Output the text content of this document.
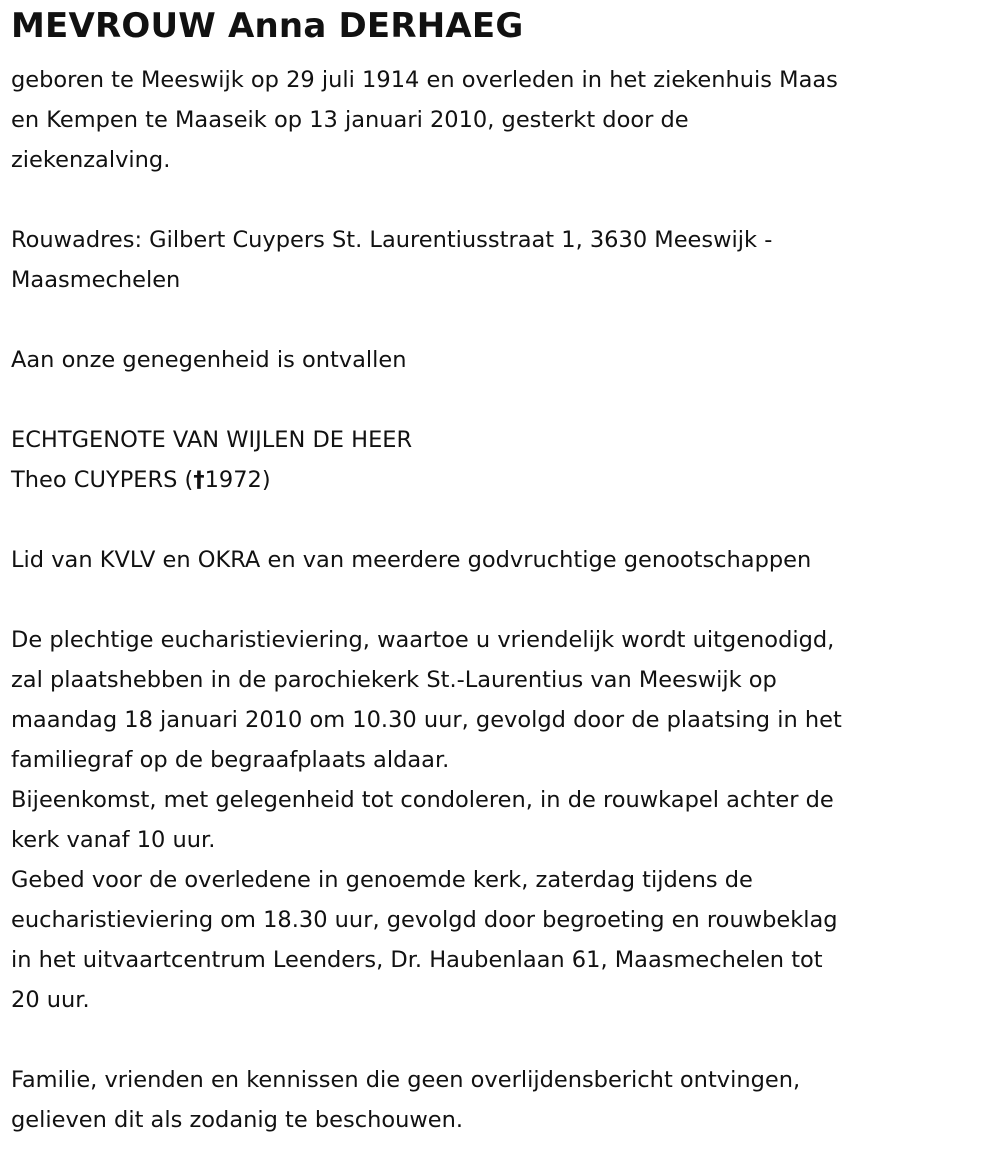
MEVROUW Anna DERHAEG
geboren te Meeswijk op 29 juli 1914 en overleden in het ziekenhuis Maas
en Kempen te Maaseik op 13 januari 2010, gesterkt door de
ziekenzalving.
Rouwadres: Gilbert Cuypers St. Laurentiusstraat 1, 3630 Meeswijk -
Maasmechelen
Aan onze genegenheid is ontvallen
ECHTGENOTE VAN WIJLEN DE HEER
Theo CUYPERS (†1972)
Lid van KVLV en OKRA en van meerdere godvruchtige genootschappen
De plechtige eucharistieviering, waartoe u vriendelijk wordt uitgenodigd,
zal plaatshebben in de parochiekerk St.-Laurentius van Meeswijk op
maandag 18 januari 2010 om 10.30 uur, gevolgd door de plaatsing in het
familiegraf op de begraafplaats aldaar.
Bijeenkomst, met gelegenheid tot condoleren, in de rouwkapel achter de
kerk vanaf 10 uur.
Gebed voor de overledene in genoemde kerk, zaterdag tijdens de
eucharistieviering om 18.30 uur, gevolgd door begroeting en rouwbeklag
in het uitvaartcentrum Leenders, Dr. Haubenlaan 61, Maasmechelen tot
20 uur.
Familie, vrienden en kennissen die geen overlijdensbericht ontvingen,
gelieven dit als zodanig te beschouwen.
